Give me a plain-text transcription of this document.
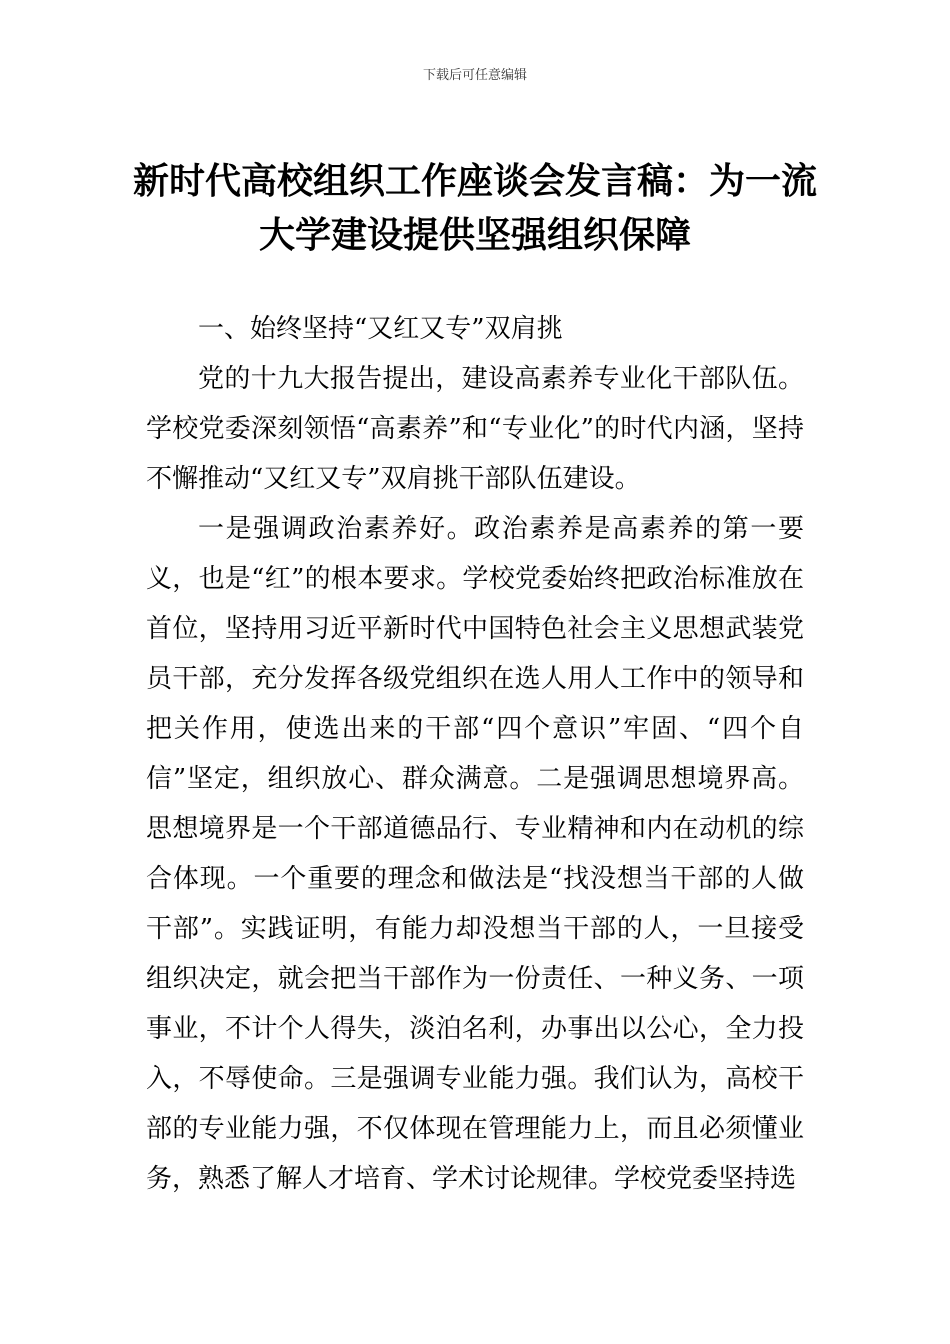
下载后可任意编辑
新时代高校组织工作座谈会发言稿：为一流大学建设提供坚强组织保障

一、始终坚持“又红又专”双肩挑

党的十九大报告提出，建设高素养专业化干部队伍。学校党委深刻领悟“高素养”和“专业化”的时代内涵，坚持不懈推动“又红又专”双肩挑干部队伍建设。

一是强调政治素养好。政治素养是高素养的第一要义，也是“红”的根本要求。学校党委始终把政治标准放在首位，坚持用习近平新时代中国特色社会主义思想武装党员干部，充分发挥各级党组织在选人用人工作中的领导和把关作用，使选出来的干部“四个意识”牢固、“四个自信”坚定，组织放心、群众满意。二是强调思想境界高。思想境界是一个干部道德品行、专业精神和内在动机的综合体现。一个重要的理念和做法是“找没想当干部的人做干部”。实践证明，有能力却没想当干部的人，一旦接受组织决定，就会把当干部作为一份责任、一种义务、一项事业，不计个人得失，淡泊名利，办事出以公心，全力投入，不辱使命。三是强调专业能力强。我们认为，高校干部的专业能力强，不仅体现在管理能力上，而且必须懂业务，熟悉了解人才培育、学术讨论规律。学校党委坚持选
